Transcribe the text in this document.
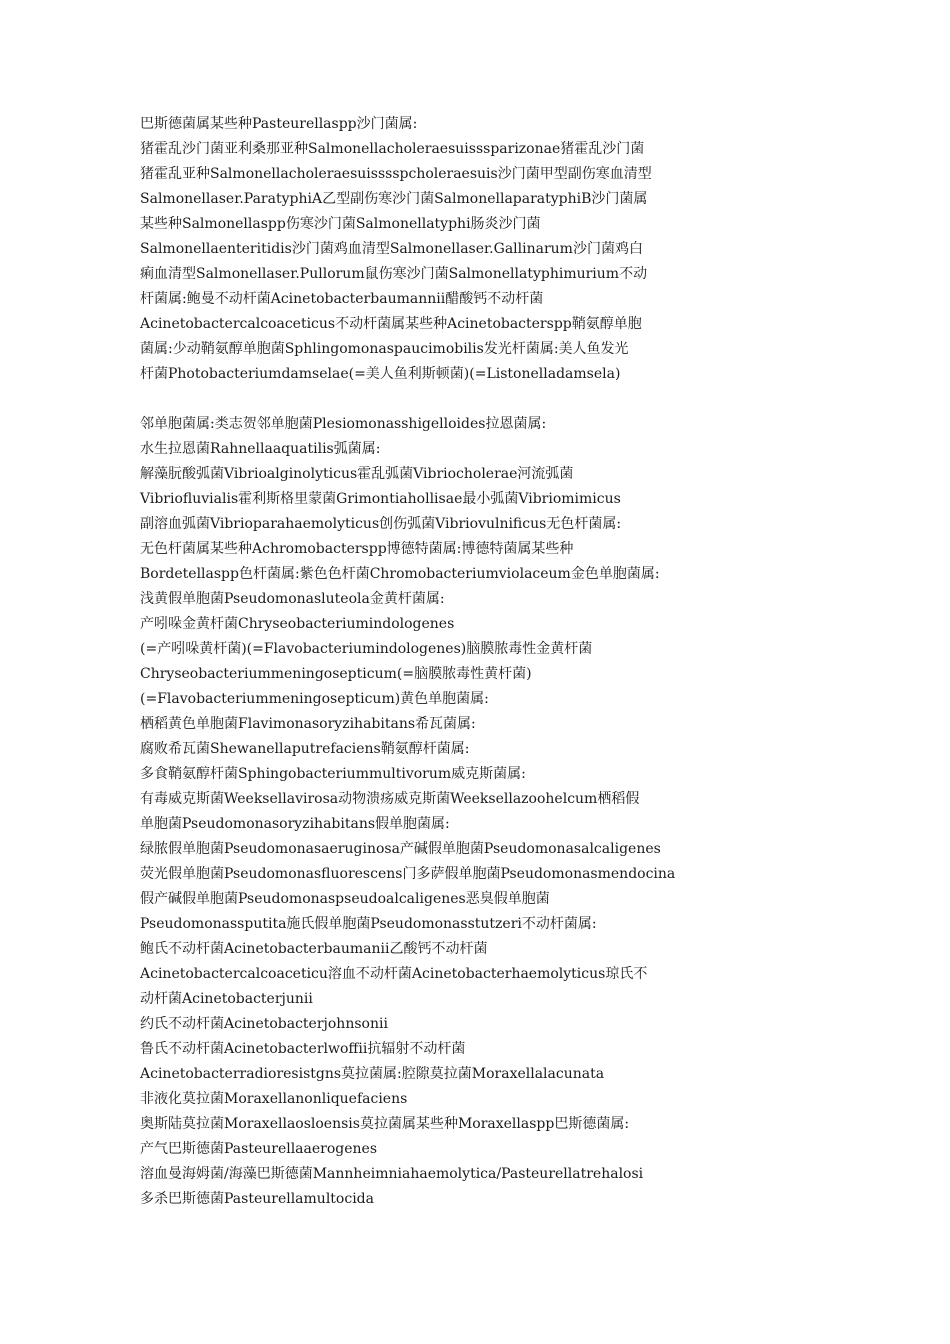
巴斯德菌属某些种Pasteurellaspp沙门菌属:
猪霍乱沙门菌亚利桑那亚种Salmonellacholeraesuisssparizonae猪霍乱沙门菌
猪霍乱亚种Salmonellacholeraesuisssspcholeraesuis沙门菌甲型副伤寒血清型
Salmonellaser.ParatyphiA乙型副伤寒沙门菌SalmonellaparatyphiB沙门菌属
某些种Salmonellaspp伤寒沙门菌Salmonellatyphi肠炎沙门菌
Salmonellaenteritidis沙门菌鸡血清型Salmonellaser.Gallinarum沙门菌鸡白
痢血清型Salmonellaser.Pullorum鼠伤寒沙门菌Salmonellatyphimurium不动
杆菌属:鲍曼不动杆菌Acinetobacterbaumannii醋酸钙不动杆菌
Acinetobactercalcoaceticus不动杆菌属某些种Acinetobacterspp鞘氨醇单胞
菌属:少动鞘氨醇单胞菌Sphlingomonaspaucimobilis发光杆菌属:美人鱼发光
杆菌Photobacteriumdamselae(=美人鱼利斯顿菌)(=Listonelladamsela)
邻单胞菌属:类志贺邻单胞菌Plesiomonasshigelloides拉恩菌属:
水生拉恩菌Rahnellaaquatilis弧菌属:
解藻朊酸弧菌Vibrioalginolyticus霍乱弧菌Vibriocholerae河流弧菌
Vibriofluvialis霍利斯格里蒙菌Grimontiahollisae最小弧菌Vibriomimicus
副溶血弧菌Vibrioparahaemolyticus创伤弧菌Vibriovulnificus无色杆菌属:
无色杆菌属某些种Achromobacterspp博德特菌属:博德特菌属某些种
Bordetellaspp色杆菌属:紫色色杆菌Chromobacteriumviolaceum金色单胞菌属:
浅黄假单胞菌Pseudomonasluteola金黄杆菌属:
产吲哚金黄杆菌Chryseobacteriumindologenes
(=产吲哚黄杆菌)(=Flavobacteriumindologenes)脑膜脓毒性金黄杆菌
Chryseobacteriummeningosepticum(=脑膜脓毒性黄杆菌)
(=Flavobacteriummeningosepticum)黄色单胞菌属:
栖稻黄色单胞菌Flavimonasoryzihabitans希瓦菌属:
腐败希瓦菌Shewanellaputrefaciens鞘氨醇杆菌属:
多食鞘氨醇杆菌Sphingobacteriummultivorum威克斯菌属:
有毒威克斯菌Weeksellavirosa动物溃疡威克斯菌Weeksellazoohelcum栖稻假
单胞菌Pseudomonasoryzihabitans假单胞菌属:
绿脓假单胞菌Pseudomonasaeruginosa产碱假单胞菌Pseudomonasalcaligenes
荧光假单胞菌Pseudomonasfluorescens门多萨假单胞菌Pseudomonasmendocina
假产碱假单胞菌Pseudomonaspseudoalcaligenes恶臭假单胞菌
Pseudomonassputita施氏假单胞菌Pseudomonasstutzeri不动杆菌属:
鲍氏不动杆菌Acinetobacterbaumanii乙酸钙不动杆菌
Acinetobactercalcoaceticu溶血不动杆菌Acinetobacterhaemolyticus琼氏不
动杆菌Acinetobacterjunii
约氏不动杆菌Acinetobacterjohnsonii
鲁氏不动杆菌Acinetobacterlwoffii抗辐射不动杆菌
Acinetobacterradioresistgns莫拉菌属:腔隙莫拉菌Moraxellalacunata
非液化莫拉菌Moraxellanonliquefaciens
奥斯陆莫拉菌Moraxellaosloensis莫拉菌属某些种Moraxellaspp巴斯德菌属:
产气巴斯德菌Pasteurellaaerogenes
溶血曼海姆菌/海藻巴斯德菌Mannheimniahaemolytica/Pasteurellatrehalosi
多杀巴斯德菌Pasteurellamultocida
